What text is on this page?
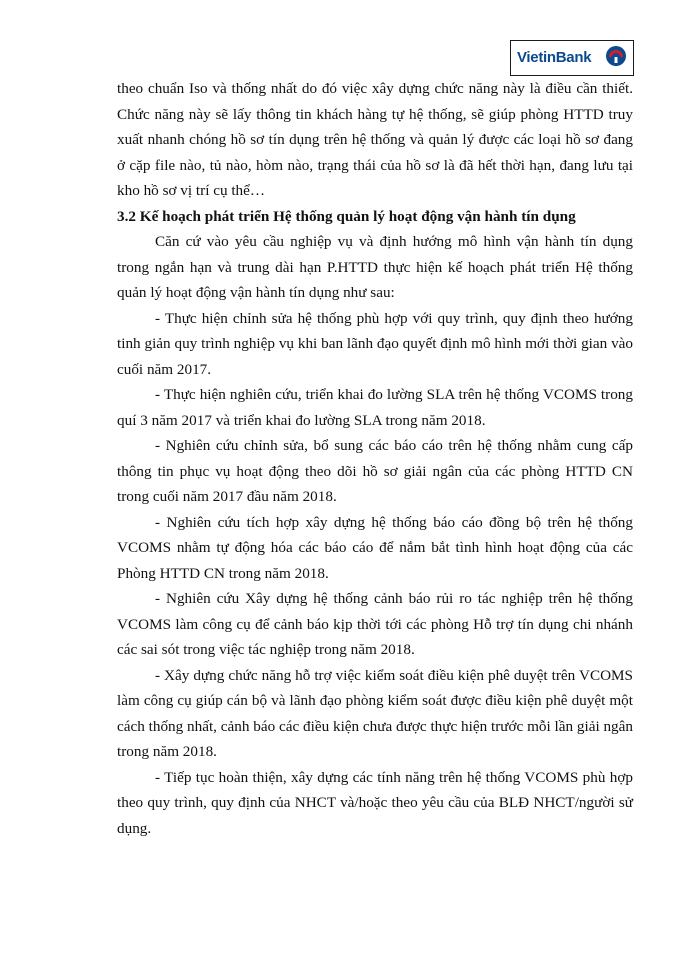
VietinBank

theo chuẩn Iso và thống nhất do đó việc xây dựng chức năng này là điều cần thiết. Chức năng này sẽ lấy thông tin khách hàng tự hệ thống, sẽ giúp phòng HTTD truy xuất nhanh chóng hồ sơ tín dụng trên hệ thống và quản lý được các loại hồ sơ đang ở cặp file nào, tủ nào, hòm nào, trạng thái của hồ sơ là đã hết thời hạn, đang lưu tại kho hồ sơ vị trí cụ thể…

3.2 Kế hoạch phát triển Hệ thống quản lý hoạt động vận hành tín dụng

Căn cứ vào yêu cầu nghiệp vụ và định hướng mô hình vận hành tín dụng trong ngắn hạn và trung dài hạn P.HTTD thực hiện kế hoạch phát triển Hệ thống quản lý hoạt động vận hành tín dụng như sau:

- Thực hiện chỉnh sửa hệ thống phù hợp với quy trình, quy định theo hướng tinh giản quy trình nghiệp vụ khi ban lãnh đạo quyết định mô hình mới thời gian vào cuối năm 2017.

- Thực hiện nghiên cứu, triển khai đo lường SLA trên hệ thống VCOMS trong quí 3 năm 2017 và triển khai đo lường SLA trong năm 2018.

- Nghiên cứu chỉnh sửa, bổ sung các báo cáo trên hệ thống nhằm cung cấp thông tin phục vụ hoạt động theo dõi hồ sơ giải ngân của các phòng HTTD CN trong cuối năm 2017 đầu năm 2018.

- Nghiên cứu tích hợp xây dựng hệ thống báo cáo đồng bộ trên hệ thống VCOMS nhằm tự động hóa các báo cáo để nắm bắt tình hình hoạt động của các Phòng HTTD CN trong năm 2018.

- Nghiên cứu Xây dựng hệ thống cảnh báo rủi ro tác nghiệp trên hệ thống VCOMS làm công cụ để cảnh báo kịp thời tới các phòng Hỗ trợ tín dụng chi nhánh các sai sót trong việc tác nghiệp trong năm 2018.

- Xây dựng chức năng hỗ trợ việc kiểm soát điều kiện phê duyệt trên VCOMS làm công cụ giúp cán bộ và lãnh đạo phòng kiểm soát được điều kiện phê duyệt một cách thống nhất, cảnh báo các điều kiện chưa được thực hiện trước mỗi lần giải ngân trong năm 2018.

- Tiếp tục hoàn thiện, xây dựng các tính năng trên hệ thống VCOMS phù hợp theo quy trình, quy định của NHCT và/hoặc theo yêu cầu của BLĐ NHCT/người sử dụng.
